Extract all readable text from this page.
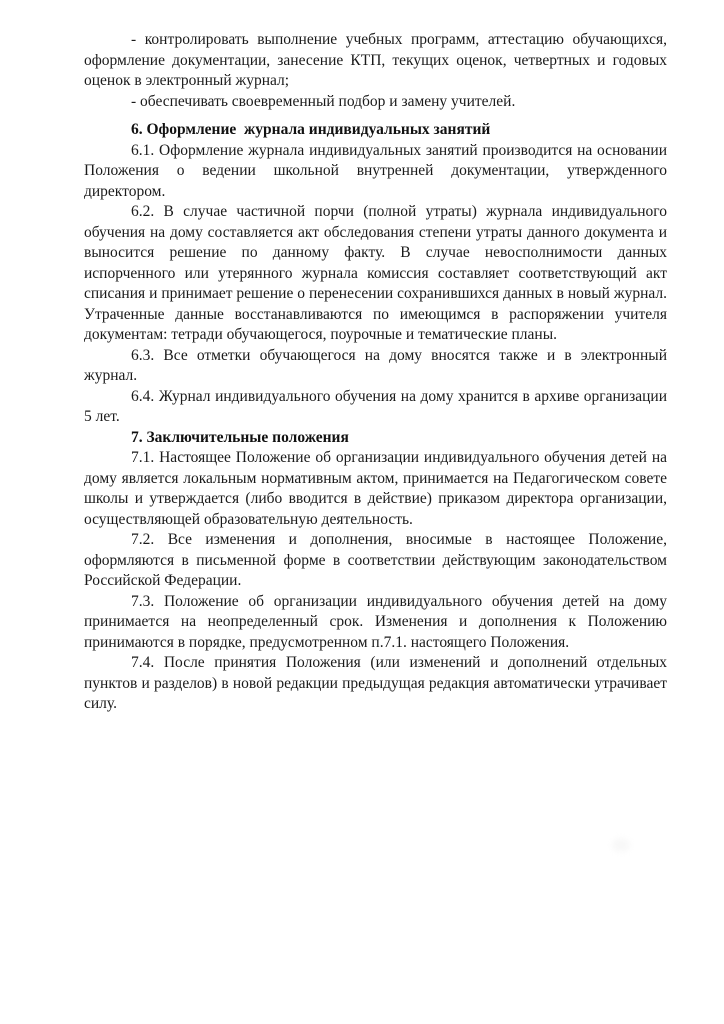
- контролировать выполнение учебных программ, аттестацию обучающихся, оформление документации, занесение КТП, текущих оценок, четвертных и годовых оценок в электронный журнал;

- обеспечивать своевременный подбор и замену учителей.

6. Оформление  журнала индивидуальных занятий

6.1. Оформление журнала индивидуальных занятий производится на основании Положения о ведении школьной внутренней документации, утвержденного директором.

6.2. В случае частичной порчи (полной утраты) журнала индивидуального обучения на дому составляется акт обследования степени утраты данного документа и выносится решение по данному факту. В случае невосполнимости данных испорченного или утерянного журнала комиссия составляет соответствующий акт списания и принимает решение о перенесении сохранившихся данных в новый журнал. Утраченные данные восстанавливаются по имеющимся в распоряжении учителя документам: тетради обучающегося, поурочные и тематические планы.

6.3. Все отметки обучающегося на дому вносятся также и в электронный журнал.

6.4. Журнал индивидуального обучения на дому хранится в архиве организации 5 лет.

7. Заключительные положения

7.1. Настоящее Положение об организации индивидуального обучения детей на дому является локальным нормативным актом, принимается на Педагогическом совете школы и утверждается (либо вводится в действие) приказом директора организации, осуществляющей образовательную деятельность.

7.2. Все изменения и дополнения, вносимые в настоящее Положение, оформляются в письменной форме в соответствии действующим законодательством Российской Федерации.

7.3. Положение об организации индивидуального обучения детей на дому принимается на неопределенный срок. Изменения и дополнения к Положению принимаются в порядке, предусмотренном п.7.1. настоящего Положения.

7.4. После принятия Положения (или изменений и дополнений отдельных пунктов и разделов) в новой редакции предыдущая редакция автоматически утрачивает силу.
